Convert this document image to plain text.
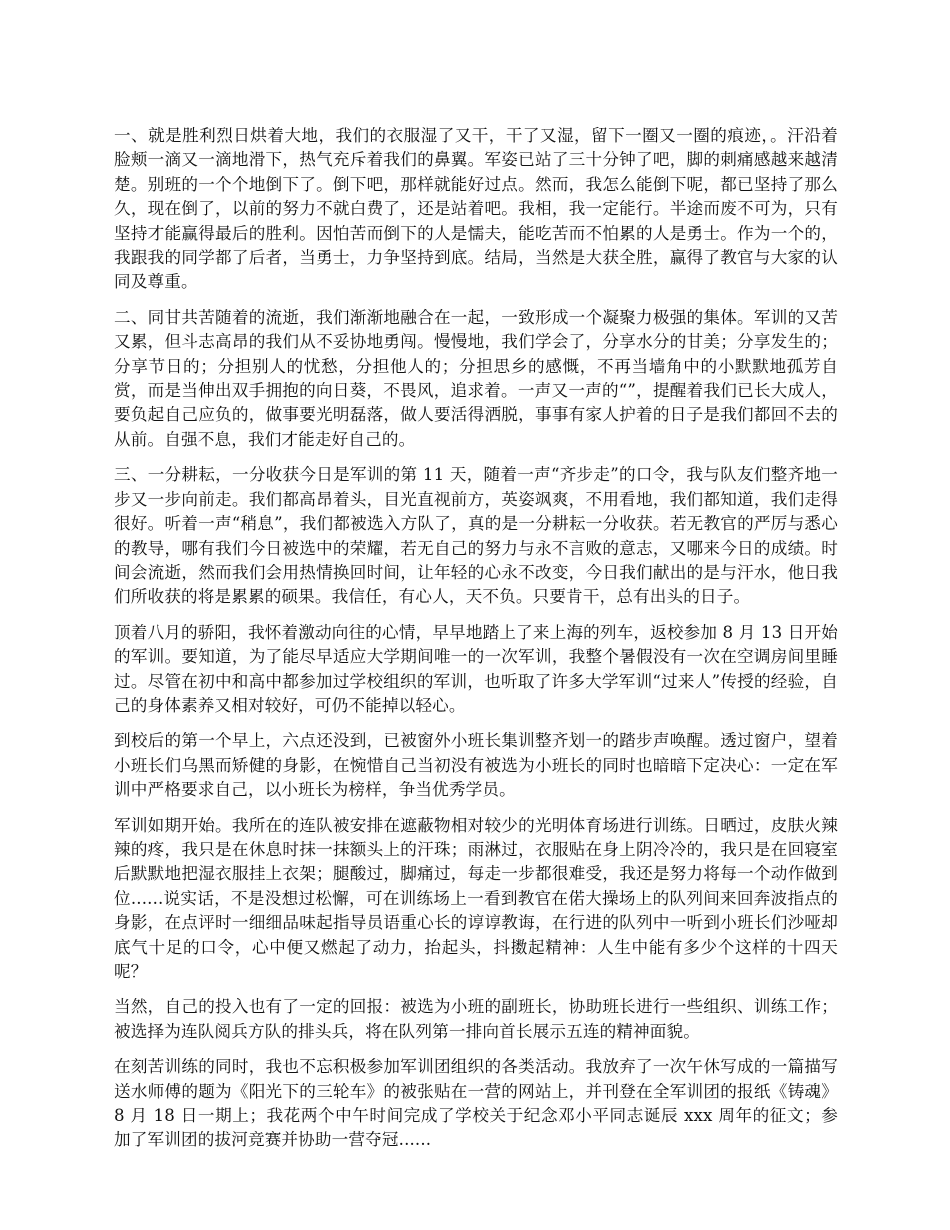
一、就是胜利烈日烘着大地，我们的衣服湿了又干，干了又湿，留下一圈又一圈的痕迹，。汗沿着脸颊一滴又一滴地滑下，热气充斥着我们的鼻翼。军姿已站了三十分钟了吧，脚的刺痛感越来越清楚。别班的一个个地倒下了。倒下吧，那样就能好过点。然而，我怎么能倒下呢，都已坚持了那么久，现在倒了，以前的努力不就白费了，还是站着吧。我相，我一定能行。半途而废不可为，只有坚持才能赢得最后的胜利。因怕苦而倒下的人是懦夫，能吃苦而不怕累的人是勇士。作为一个的，我跟我的同学都了后者，当勇士，力争坚持到底。结局，当然是大获全胜，赢得了教官与大家的认同及尊重。

二、同甘共苦随着的流逝，我们渐渐地融合在一起，一致形成一个凝聚力极强的集体。军训的又苦又累，但斗志高昂的我们从不妥协地勇闯。慢慢地，我们学会了，分享水分的甘美；分享发生的；分享节日的；分担别人的忧愁，分担他人的；分担思乡的感慨，不再当墙角中的小默默地孤芳自赏，而是当伸出双手拥抱的向日葵，不畏风，追求着。一声又一声的“”，提醒着我们已长大成人，要负起自己应负的，做事要光明磊落，做人要活得洒脱，事事有家人护着的日子是我们都回不去的从前。自强不息，我们才能走好自己的。

三、一分耕耘，一分收获今日是军训的第 11 天，随着一声“齐步走”的口令，我与队友们整齐地一步又一步向前走。我们都高昂着头，目光直视前方，英姿飒爽，不用看地，我们都知道，我们走得很好。听着一声“稍息”，我们都被选入方队了，真的是一分耕耘一分收获。若无教官的严厉与悉心的教导，哪有我们今日被选中的荣耀，若无自己的努力与永不言败的意志，又哪来今日的成绩。时间会流逝，然而我们会用热情换回时间，让年轻的心永不改变，今日我们献出的是与汗水，他日我们所收获的将是累累的硕果。我信任，有心人，天不负。只要肯干，总有出头的日子。

顶着八月的骄阳，我怀着激动向往的心情，早早地踏上了来上海的列车，返校参加 8 月 13 日开始的军训。要知道，为了能尽早适应大学期间唯一的一次军训，我整个暑假没有一次在空调房间里睡过。尽管在初中和高中都参加过学校组织的军训，也听取了许多大学军训“过来人”传授的经验，自己的身体素养又相对较好，可仍不能掉以轻心。

到校后的第一个早上，六点还没到，已被窗外小班长集训整齐划一的踏步声唤醒。透过窗户，望着小班长们乌黑而矫健的身影，在惋惜自己当初没有被选为小班长的同时也暗暗下定决心：一定在军训中严格要求自己，以小班长为榜样，争当优秀学员。

军训如期开始。我所在的连队被安排在遮蔽物相对较少的光明体育场进行训练。日晒过，皮肤火辣辣的疼，我只是在休息时抹一抹额头上的汗珠；雨淋过，衣服贴在身上阴冷冷的，我只是在回寝室后默默地把湿衣服挂上衣架；腿酸过，脚痛过，每走一步都很难受，我还是努力将每一个动作做到位......说实话，不是没想过松懈，可在训练场上一看到教官在偌大操场上的队列间来回奔波指点的身影，在点评时一细细品味起指导员语重心长的谆谆教诲，在行进的队列中一听到小班长们沙哑却底气十足的口令，心中便又燃起了动力，抬起头，抖擞起精神：人生中能有多少个这样的十四天呢？

当然，自己的投入也有了一定的回报：被选为小班的副班长，协助班长进行一些组织、训练工作；被选择为连队阅兵方队的排头兵，将在队列第一排向首长展示五连的精神面貌。

在刻苦训练的同时，我也不忘积极参加军训团组织的各类活动。我放弃了一次午休写成的一篇描写送水师傅的题为《阳光下的三轮车》的被张贴在一营的网站上，并刊登在全军训团的报纸《铸魂》8 月 18 日一期上；我花两个中午时间完成了学校关于纪念邓小平同志诞辰 xxx 周年的征文；参加了军训团的拔河竞赛并协助一营夺冠......
